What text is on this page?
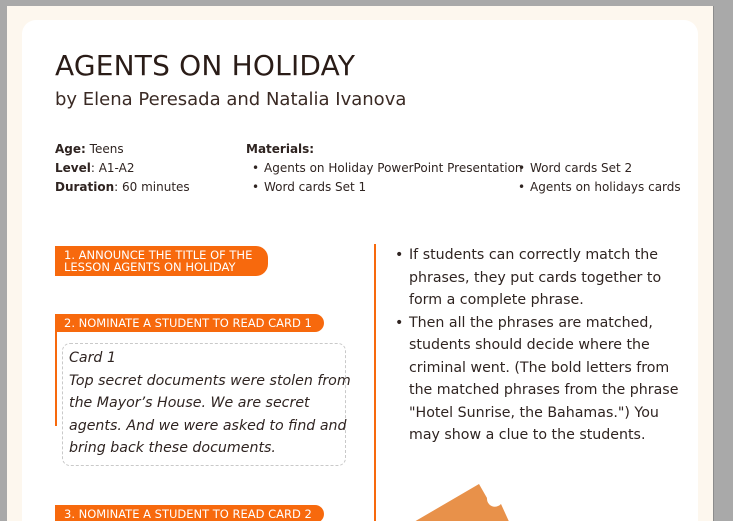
AGENTS ON HOLIDAY

by Elena Peresada and Natalia Ivanova

Age: Teens
Level: A1-A2
Duration: 60 minutes
Materials:
• Agents on Holiday PowerPoint Presentation
• Word cards Set 1
• Word cards Set 2
• Agents on holidays cards
1. ANNOUNCE THE TITLE OF THE
LESSON AGENTS ON HOLIDAY
2. NOMINATE A STUDENT TO READ CARD 1
Card 1
Top secret documents were stolen from the Mayor’s House. We are secret agents. And we were asked to find and bring back these documents.
3. NOMINATE A STUDENT TO READ CARD 2
• If students can correctly match the phrases, they put cards together to form a complete phrase.
• Then all the phrases are matched, students should decide where the criminal went. (The bold letters from the matched phrases from the phrase "Hotel Sunrise, the Bahamas.") You may show a clue to the students.
